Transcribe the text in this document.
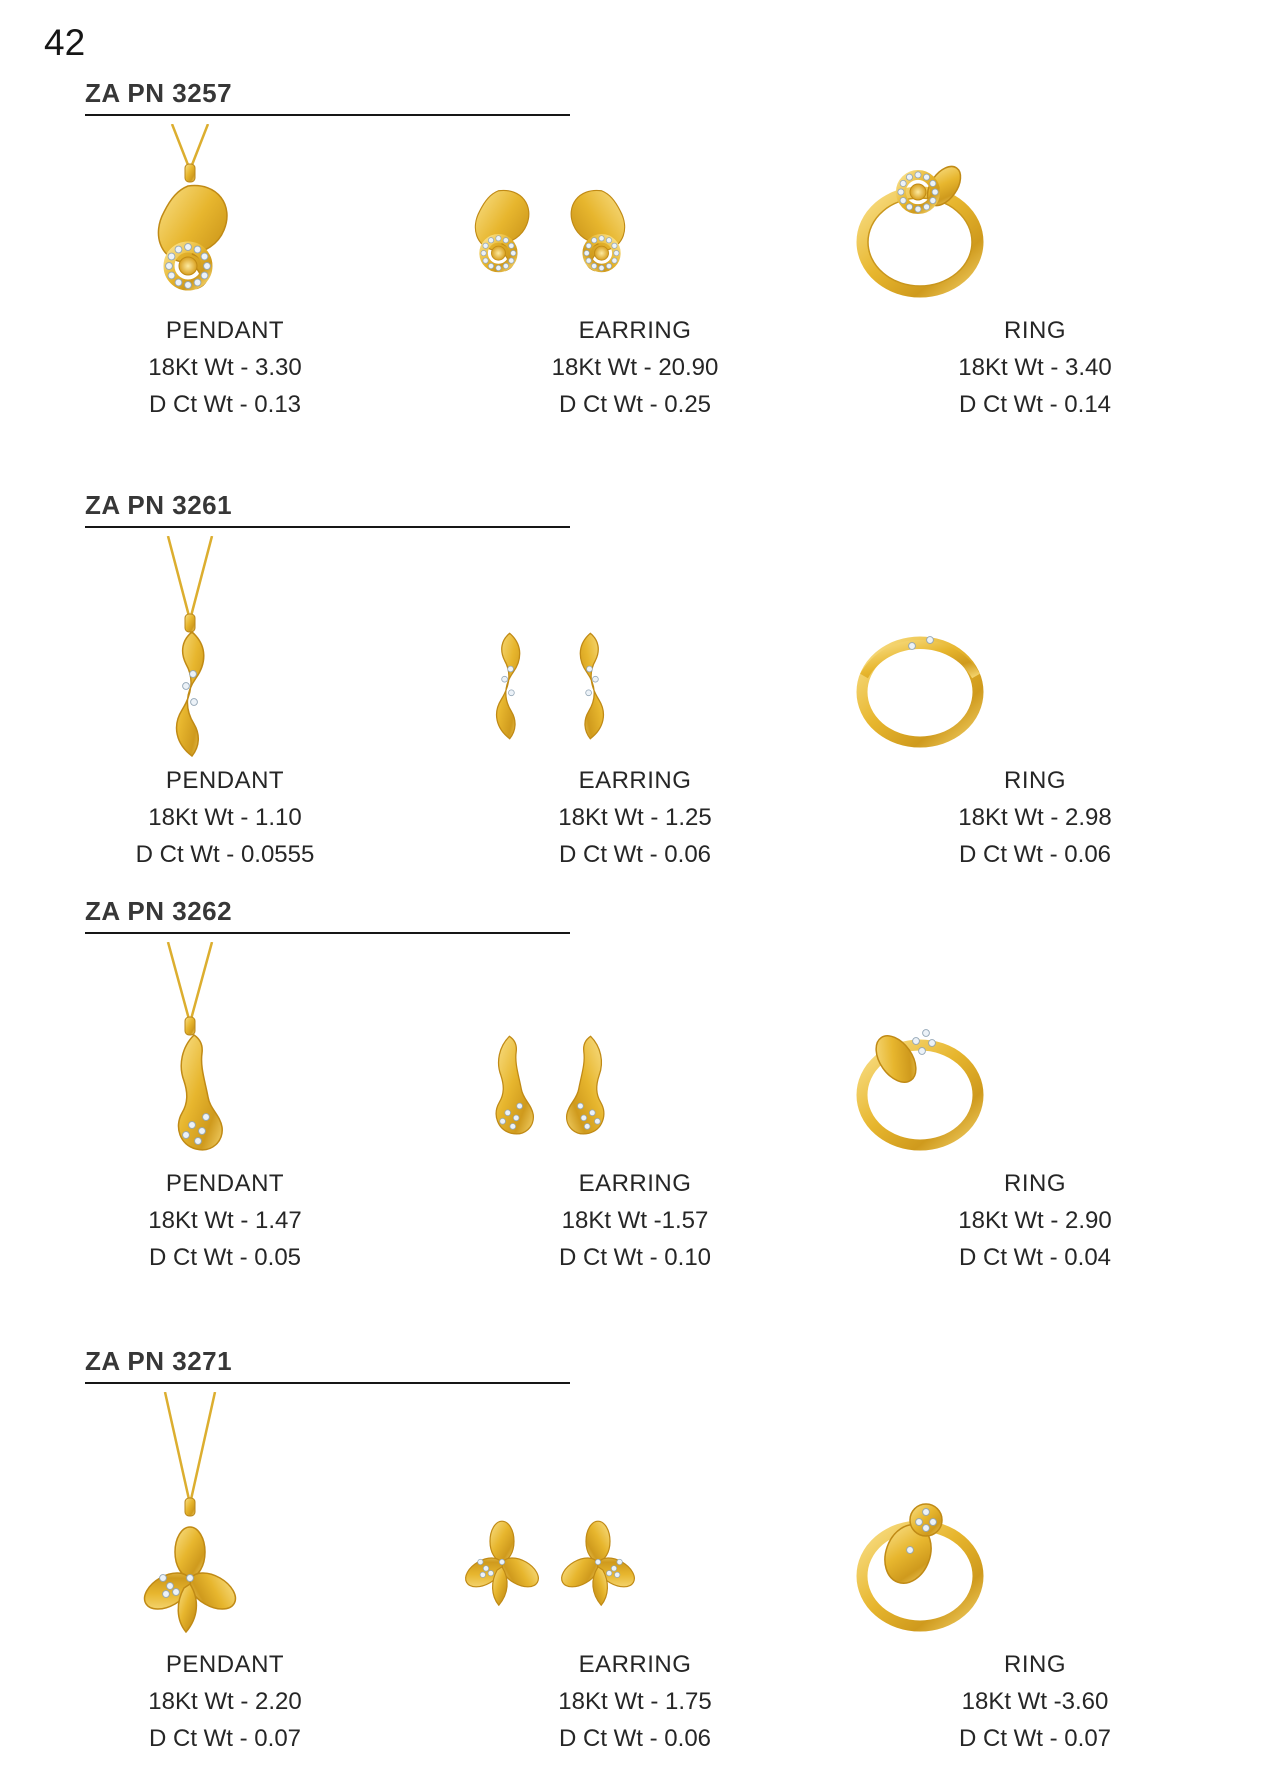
42
ZA PN 3257
PENDANT
18Kt Wt - 3.30
D Ct Wt - 0.13
EARRING
18Kt Wt - 20.90
D Ct Wt - 0.25
RING
18Kt Wt - 3.40
D Ct Wt - 0.14
ZA PN 3261
PENDANT
18Kt Wt - 1.10
D Ct Wt - 0.0555
EARRING
18Kt Wt - 1.25
D Ct Wt - 0.06
RING
18Kt Wt - 2.98
D Ct Wt - 0.06
ZA PN 3262
PENDANT
18Kt Wt - 1.47
D Ct Wt - 0.05
EARRING
18Kt Wt -1.57
D Ct Wt - 0.10
RING
18Kt Wt - 2.90
D Ct Wt - 0.04
ZA PN 3271
PENDANT
18Kt Wt - 2.20
D Ct Wt - 0.07
EARRING
18Kt Wt - 1.75
D Ct Wt - 0.06
RING
18Kt Wt -3.60
D Ct Wt - 0.07
